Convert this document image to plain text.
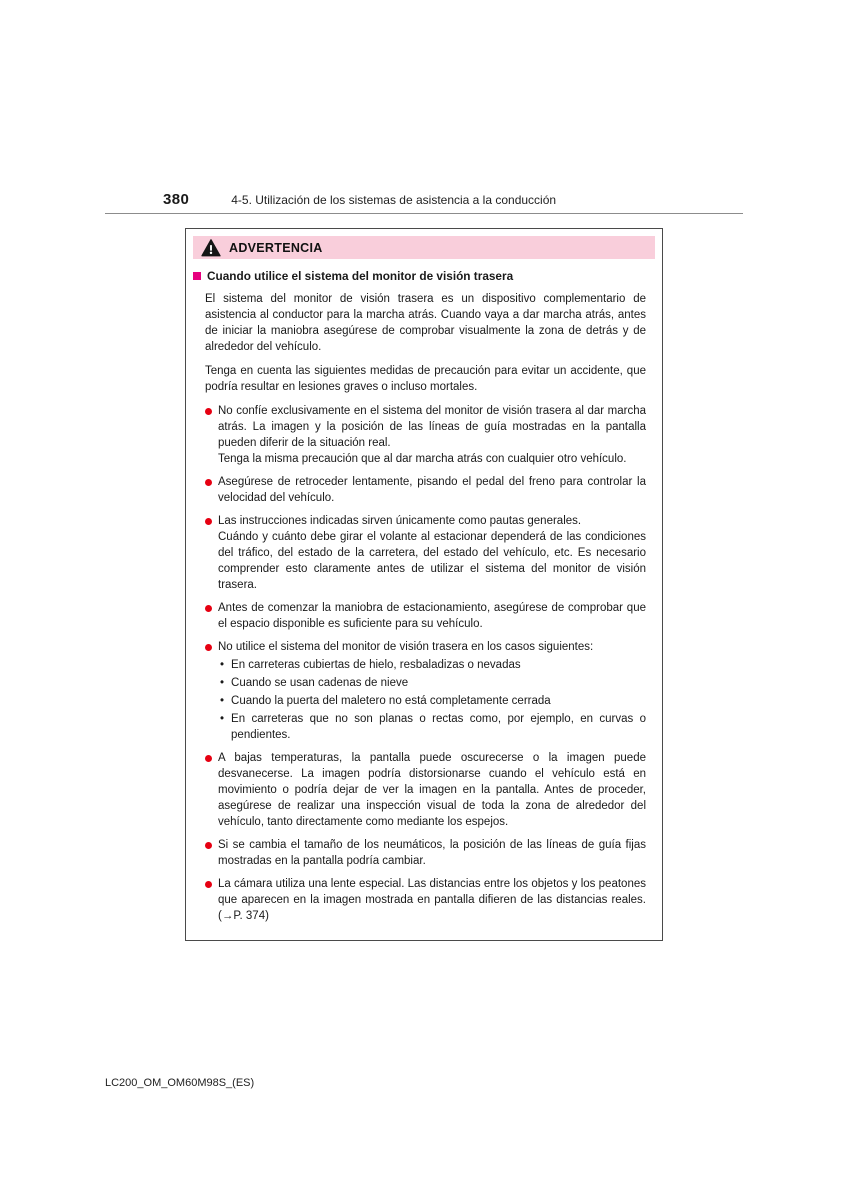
380	4-5. Utilización de los sistemas de asistencia a la conducción
ADVERTENCIA
Cuando utilice el sistema del monitor de visión trasera

El sistema del monitor de visión trasera es un dispositivo complementario de asistencia al conductor para la marcha atrás. Cuando vaya a dar marcha atrás, antes de iniciar la maniobra asegúrese de comprobar visualmente la zona de detrás y de alrededor del vehículo.

Tenga en cuenta las siguientes medidas de precaución para evitar un accidente, que podría resultar en lesiones graves o incluso mortales.

No confíe exclusivamente en el sistema del monitor de visión trasera al dar marcha atrás. La imagen y la posición de las líneas de guía mostradas en la pantalla pueden diferir de la situación real.

Tenga la misma precaución que al dar marcha atrás con cualquier otro vehículo.

Asegúrese de retroceder lentamente, pisando el pedal del freno para controlar la velocidad del vehículo.

Las instrucciones indicadas sirven únicamente como pautas generales.

Cuándo y cuánto debe girar el volante al estacionar dependerá de las condiciones del tráfico, del estado de la carretera, del estado del vehículo, etc. Es necesario comprender esto claramente antes de utilizar el sistema del monitor de visión trasera.

Antes de comenzar la maniobra de estacionamiento, asegúrese de comprobar que el espacio disponible es suficiente para su vehículo.

No utilice el sistema del monitor de visión trasera en los casos siguientes:

• En carreteras cubiertas de hielo, resbaladizas o nevadas
• Cuando se usan cadenas de nieve
• Cuando la puerta del maletero no está completamente cerrada
• En carreteras que no son planas o rectas como, por ejemplo, en curvas o pendientes.

A bajas temperaturas, la pantalla puede oscurecerse o la imagen puede desvanecerse. La imagen podría distorsionarse cuando el vehículo está en movimiento o podría dejar de ver la imagen en la pantalla. Antes de proceder, asegúrese de realizar una inspección visual de toda la zona de alrededor del vehículo, tanto directamente como mediante los espejos.

Si se cambia el tamaño de los neumáticos, la posición de las líneas de guía fijas mostradas en la pantalla podría cambiar.

La cámara utiliza una lente especial. Las distancias entre los objetos y los peatones que aparecen en la imagen mostrada en pantalla difieren de las distancias reales. (→P. 374)

LC200_OM_OM60M98S_(ES)
